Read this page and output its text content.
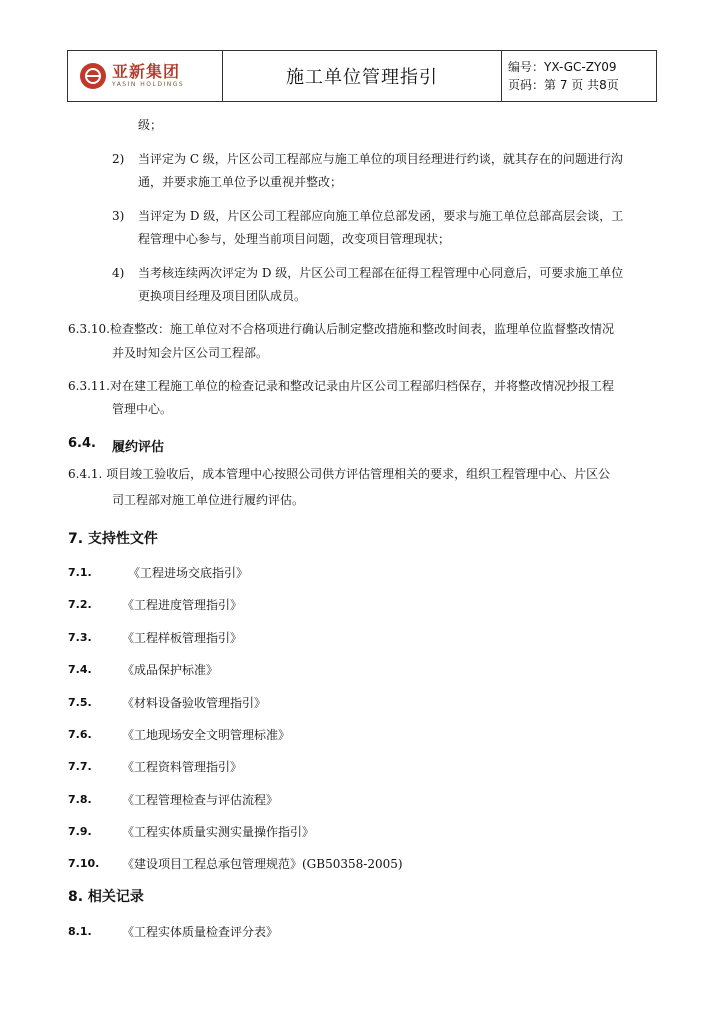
亚新集团
YASIN HOLDINGS	施工单位管理指引	编号：YX-GC-ZY09
页码：第 7 页 共8页
级；
2) 当评定为 C 级，片区公司工程部应与施工单位的项目经理进行约谈，就其存在的问题进行沟
通，并要求施工单位予以重视并整改；
3) 当评定为 D 级，片区公司工程部应向施工单位总部发函，要求与施工单位总部高层会谈，工
程管理中心参与，处理当前项目问题，改变项目管理现状；
4) 当考核连续两次评定为 D 级，片区公司工程部在征得工程管理中心同意后，可要求施工单位
更换项目经理及项目团队成员。
6.3.10.检查整改：施工单位对不合格项进行确认后制定整改措施和整改时间表，监理单位监督整改情况
并及时知会片区公司工程部。
6.3.11.对在建工程施工单位的检查记录和整改记录由片区公司工程部归档保存，并将整改情况抄报工程
管理中心。
6.4. 履约评估
6.4.1. 项目竣工验收后，成本管理中心按照公司供方评估管理相关的要求，组织工程管理中心、片区公
司工程部对施工单位进行履约评估。
7. 支持性文件
7.1.	《工程进场交底指引》
7.2.	《工程进度管理指引》
7.3.	《工程样板管理指引》
7.4.	《成品保护标准》
7.5.	《材料设备验收管理指引》
7.6.	《工地现场安全文明管理标准》
7.7.	《工程资料管理指引》
7.8.	《工程管理检查与评估流程》
7.9.	《工程实体质量实测实量操作指引》
7.10. 《建设项目工程总承包管理规范》(GB50358-2005)
8. 相关记录
8.1.	《工程实体质量检查评分表》
